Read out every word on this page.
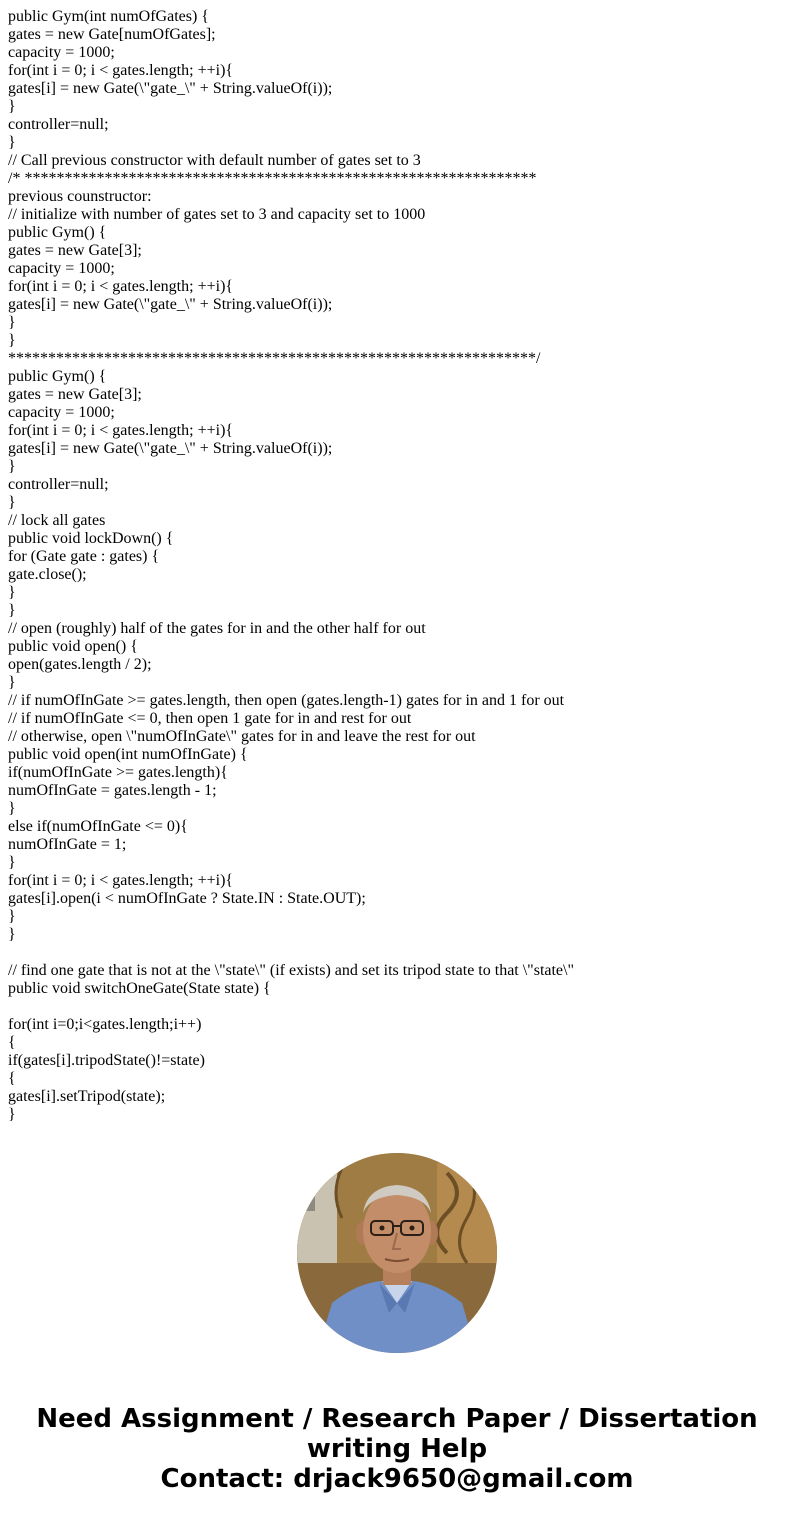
public Gym(int numOfGates) {
gates = new Gate[numOfGates];
capacity = 1000;
for(int i = 0; i < gates.length; ++i){
gates[i] = new Gate(\"gate_\" + String.valueOf(i));
}
controller=null;
}
// Call previous constructor with default number of gates set to 3
/* ****************************************************************
previous counstructor:
// initialize with number of gates set to 3 and capacity set to 1000
public Gym() {
gates = new Gate[3];
capacity = 1000;
for(int i = 0; i < gates.length; ++i){
gates[i] = new Gate(\"gate_\" + String.valueOf(i));
}
}
******************************************************************/
public Gym() {
gates = new Gate[3];
capacity = 1000;
for(int i = 0; i < gates.length; ++i){
gates[i] = new Gate(\"gate_\" + String.valueOf(i));
}
controller=null;
}
// lock all gates
public void lockDown() {
for (Gate gate : gates) {
gate.close();
}
}
// open (roughly) half of the gates for in and the other half for out
public void open() {
open(gates.length / 2);
}
// if numOfInGate >= gates.length, then open (gates.length-1) gates for in and 1 for out
// if numOfInGate <= 0, then open 1 gate for in and rest for out
// otherwise, open \"numOfInGate\" gates for in and leave the rest for out
public void open(int numOfInGate) {
if(numOfInGate >= gates.length){
numOfInGate = gates.length - 1;
}
else if(numOfInGate <= 0){
numOfInGate = 1;
}
for(int i = 0; i < gates.length; ++i){
gates[i].open(i < numOfInGate ? State.IN : State.OUT);
}
}
// find one gate that is not at the \"state\" (if exists) and set its tripod state to that \"state\"
public void switchOneGate(State state) {
for(int i=0;i<gates.length;i++)
{
if(gates[i].tripodState()!=state)
{
gates[i].setTripod(state);
}
Need Assignment / Research Paper / Dissertation
writing Help
Contact: drjack9650@gmail.com
